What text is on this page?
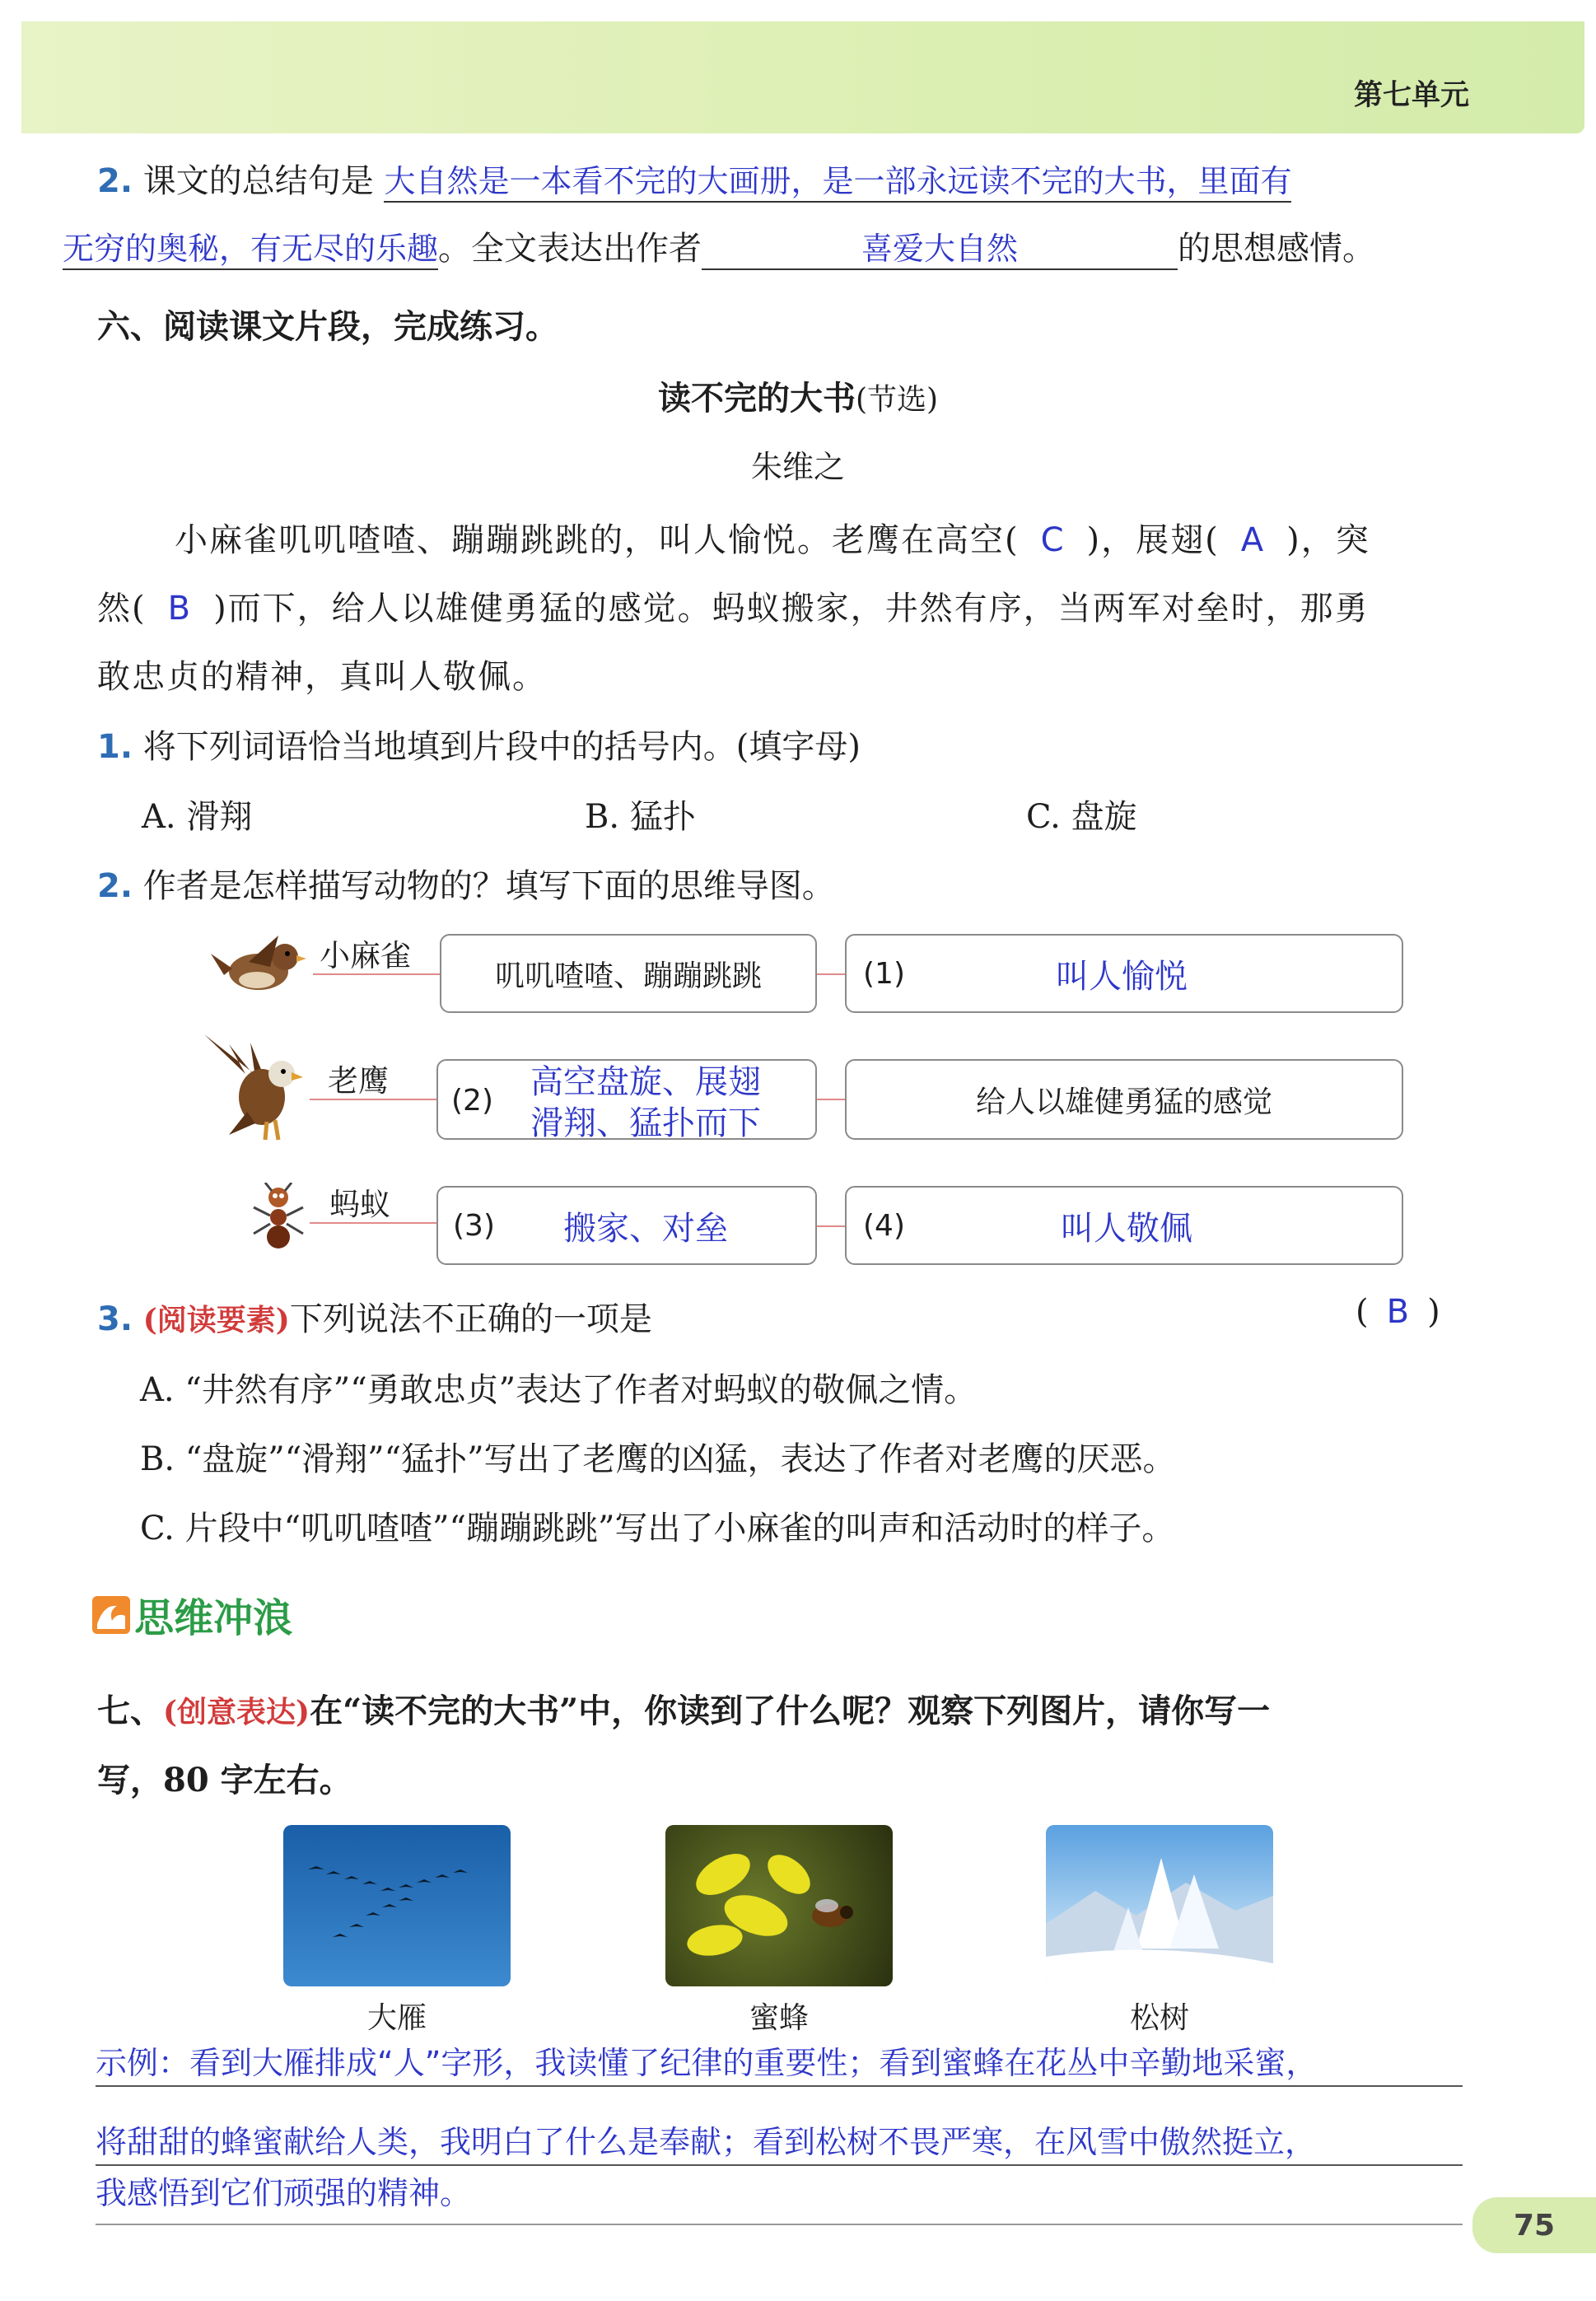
第七单元
2. 课文的总结句是 大自然是一本看不完的大画册，是一部永远读不完的大书，里面有
无穷的奥秘，有无尽的乐趣。全文表达出作者	喜爱大自然	的思想感情。
六、阅读课文片段，完成练习。
读不完的大书(节选)
朱维之
小麻雀叽叽喳喳、蹦蹦跳跳的，叫人愉悦。老鹰在高空( C )，展翅( A )，突
然( B )而下，给人以雄健勇猛的感觉。蚂蚁搬家，井然有序，当两军对垒时，那勇
敢忠贞的精神，真叫人敬佩。
1. 将下列词语恰当地填到片段中的括号内。(填字母)
A. 滑翔	B. 猛扑	C. 盘旋
2. 作者是怎样描写动物的？填写下面的思维导图。
小麻雀
叽叽喳喳、蹦蹦跳跳	(1)	叫人愉悦
老鹰
(2) 高空盘旋、展翅
滑翔、猛扑而下
给人以雄健勇猛的感觉
蚂蚁
(3) 搬家、对垒	(4)	叫人敬佩
3. (阅读要素)下列说法不正确的一项是	( B )
A. “井然有序”“勇敢忠贞”表达了作者对蚂蚁的敬佩之情。
B. “盘旋”“滑翔”“猛扑”写出了老鹰的凶猛，表达了作者对老鹰的厌恶。
C. 片段中“叽叽喳喳”“蹦蹦跳跳”写出了小麻雀的叫声和活动时的样子。
思维冲浪
七、(创意表达)在“读不完的大书”中，你读到了什么呢？观察下列图片，请你写一
写，80 字左右。
大雁	蜜蜂	松树
示例：看到大雁排成“人”字形，我读懂了纪律的重要性；看到蜜蜂在花丛中辛勤地采蜜，
将甜甜的蜂蜜献给人类，我明白了什么是奉献；看到松树不畏严寒，在风雪中傲然挺立，
我感悟到它们顽强的精神。
75
